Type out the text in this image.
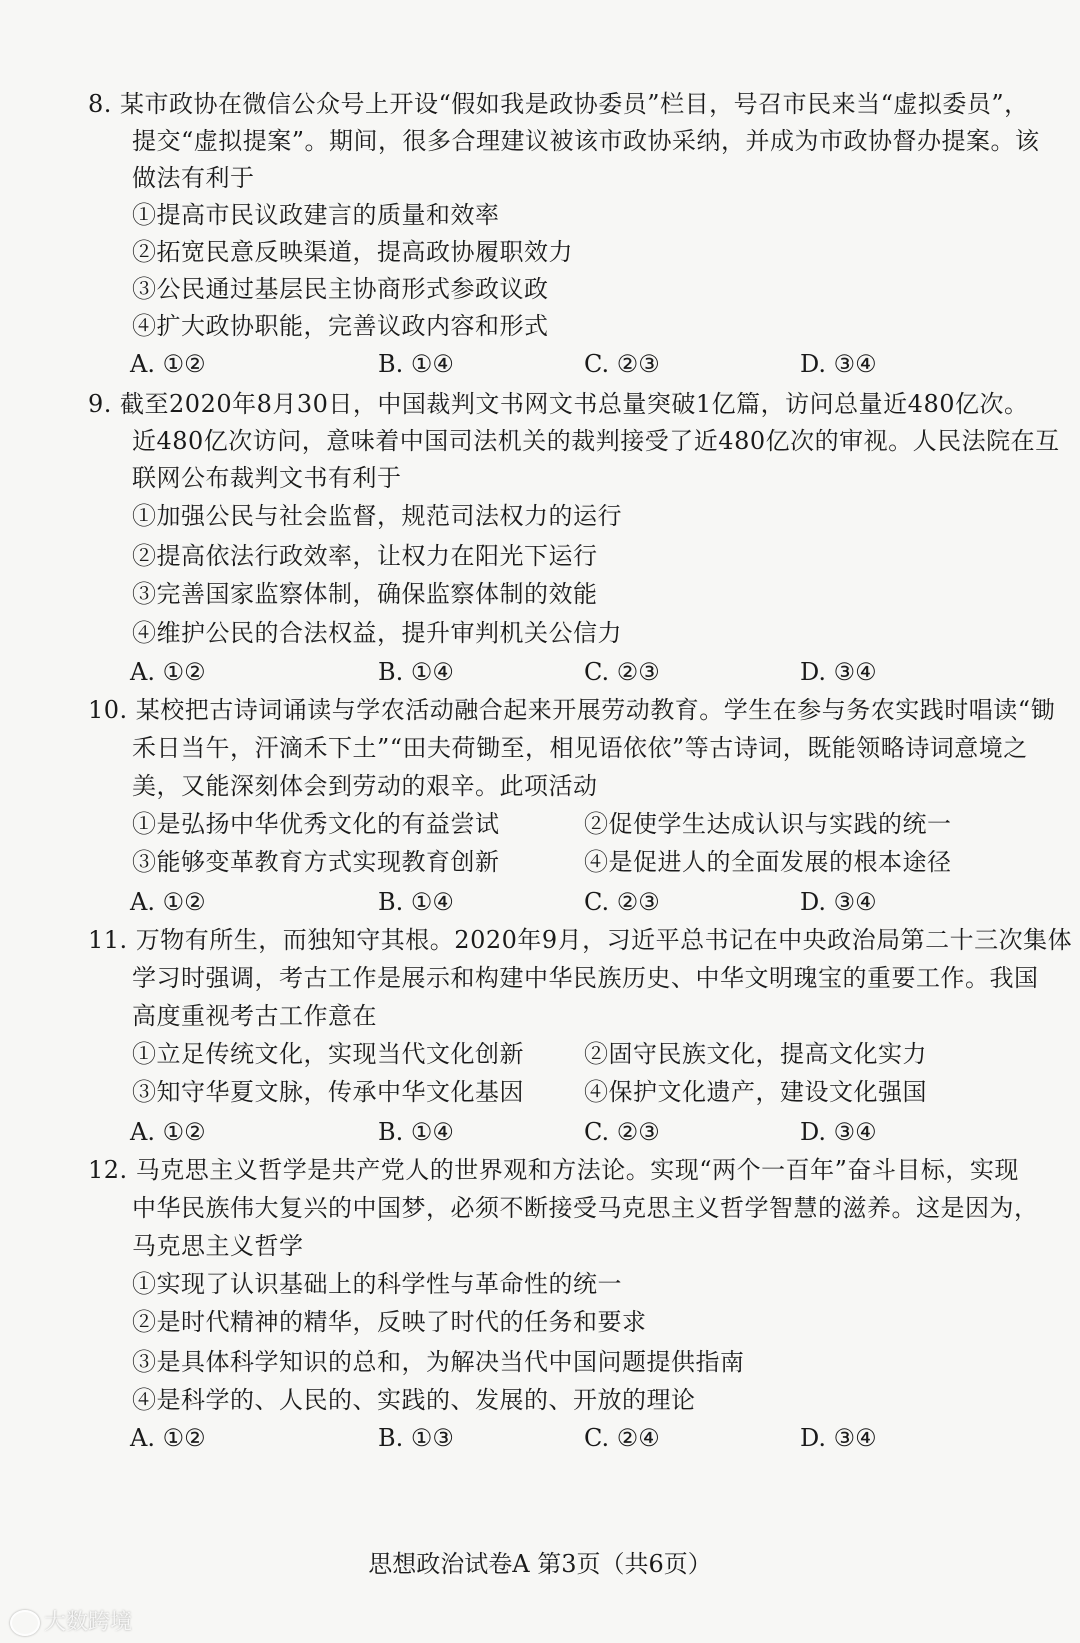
8. 某市政协在微信公众号上开设“假如我是政协委员”栏目，号召市民来当“虚拟委员”，
提交“虚拟提案”。期间，很多合理建议被该市政协采纳，并成为市政协督办提案。该
做法有利于
①提高市民议政建言的质量和效率
②拓宽民意反映渠道，提高政协履职效力
③公民通过基层民主协商形式参政议政
④扩大政协职能，完善议政内容和形式
A. ①②	B. ①④	C. ②③	D. ③④
9. 截至2020年8月30日，中国裁判文书网文书总量突破1亿篇，访问总量近480亿次。
近480亿次访问，意味着中国司法机关的裁判接受了近480亿次的审视。人民法院在互
联网公布裁判文书有利于
①加强公民与社会监督，规范司法权力的运行
②提高依法行政效率，让权力在阳光下运行
③完善国家监察体制，确保监察体制的效能
④维护公民的合法权益，提升审判机关公信力
A. ①②	B. ①④	C. ②③	D. ③④
10. 某校把古诗词诵读与学农活动融合起来开展劳动教育。学生在参与务农实践时唱读“锄
禾日当午，汗滴禾下土”“田夫荷锄至，相见语依依”等古诗词，既能领略诗词意境之
美，又能深刻体会到劳动的艰辛。此项活动
①是弘扬中华优秀文化的有益尝试	②促使学生达成认识与实践的统一
③能够变革教育方式实现教育创新	④是促进人的全面发展的根本途径
A. ①②	B. ①④	C. ②③	D. ③④
11. 万物有所生，而独知守其根。2020年9月，习近平总书记在中央政治局第二十三次集体
学习时强调，考古工作是展示和构建中华民族历史、中华文明瑰宝的重要工作。我国
高度重视考古工作意在
①立足传统文化，实现当代文化创新	②固守民族文化，提高文化实力
③知守华夏文脉，传承中华文化基因	④保护文化遗产，建设文化强国
A. ①②	B. ①④	C. ②③	D. ③④
12. 马克思主义哲学是共产党人的世界观和方法论。实现“两个一百年”奋斗目标，实现
中华民族伟大复兴的中国梦，必须不断接受马克思主义哲学智慧的滋养。这是因为，
马克思主义哲学
①实现了认识基础上的科学性与革命性的统一
②是时代精神的精华，反映了时代的任务和要求
③是具体科学知识的总和，为解决当代中国问题提供指南
④是科学的、人民的、实践的、发展的、开放的理论
A. ①②	B. ①③	C. ②④	D. ③④
思想政治试卷A 第3页（共6页）
大数跨境
